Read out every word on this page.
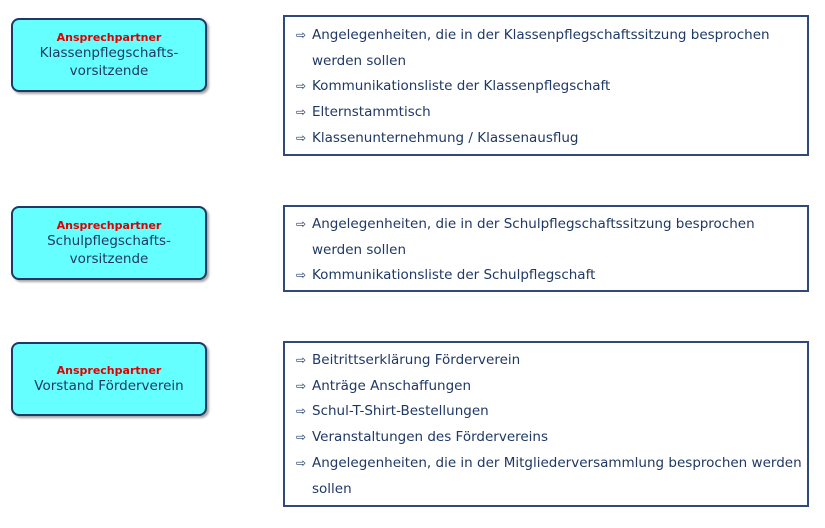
Ansprechpartner
Klassenpflegschafts-
vorsitzende
⇨ Angelegenheiten, die in der Klassenpflegschaftssitzung besprochen werden sollen
⇨ Kommunikationsliste der Klassenpflegschaft
⇨ Elternstammtisch
⇨ Klassenunternehmung / Klassenausflug
Ansprechpartner
Schulpflegschafts-
vorsitzende
⇨ Angelegenheiten, die in der Schulpflegschaftssitzung besprochen werden sollen
⇨ Kommunikationsliste der Schulpflegschaft
Ansprechpartner
Vorstand Förderverein
⇨ Beitrittserklärung Förderverein
⇨ Anträge Anschaffungen
⇨ Schul-T-Shirt-Bestellungen
⇨ Veranstaltungen des Fördervereins
⇨ Angelegenheiten, die in der Mitgliederversammlung besprochen werden sollen
